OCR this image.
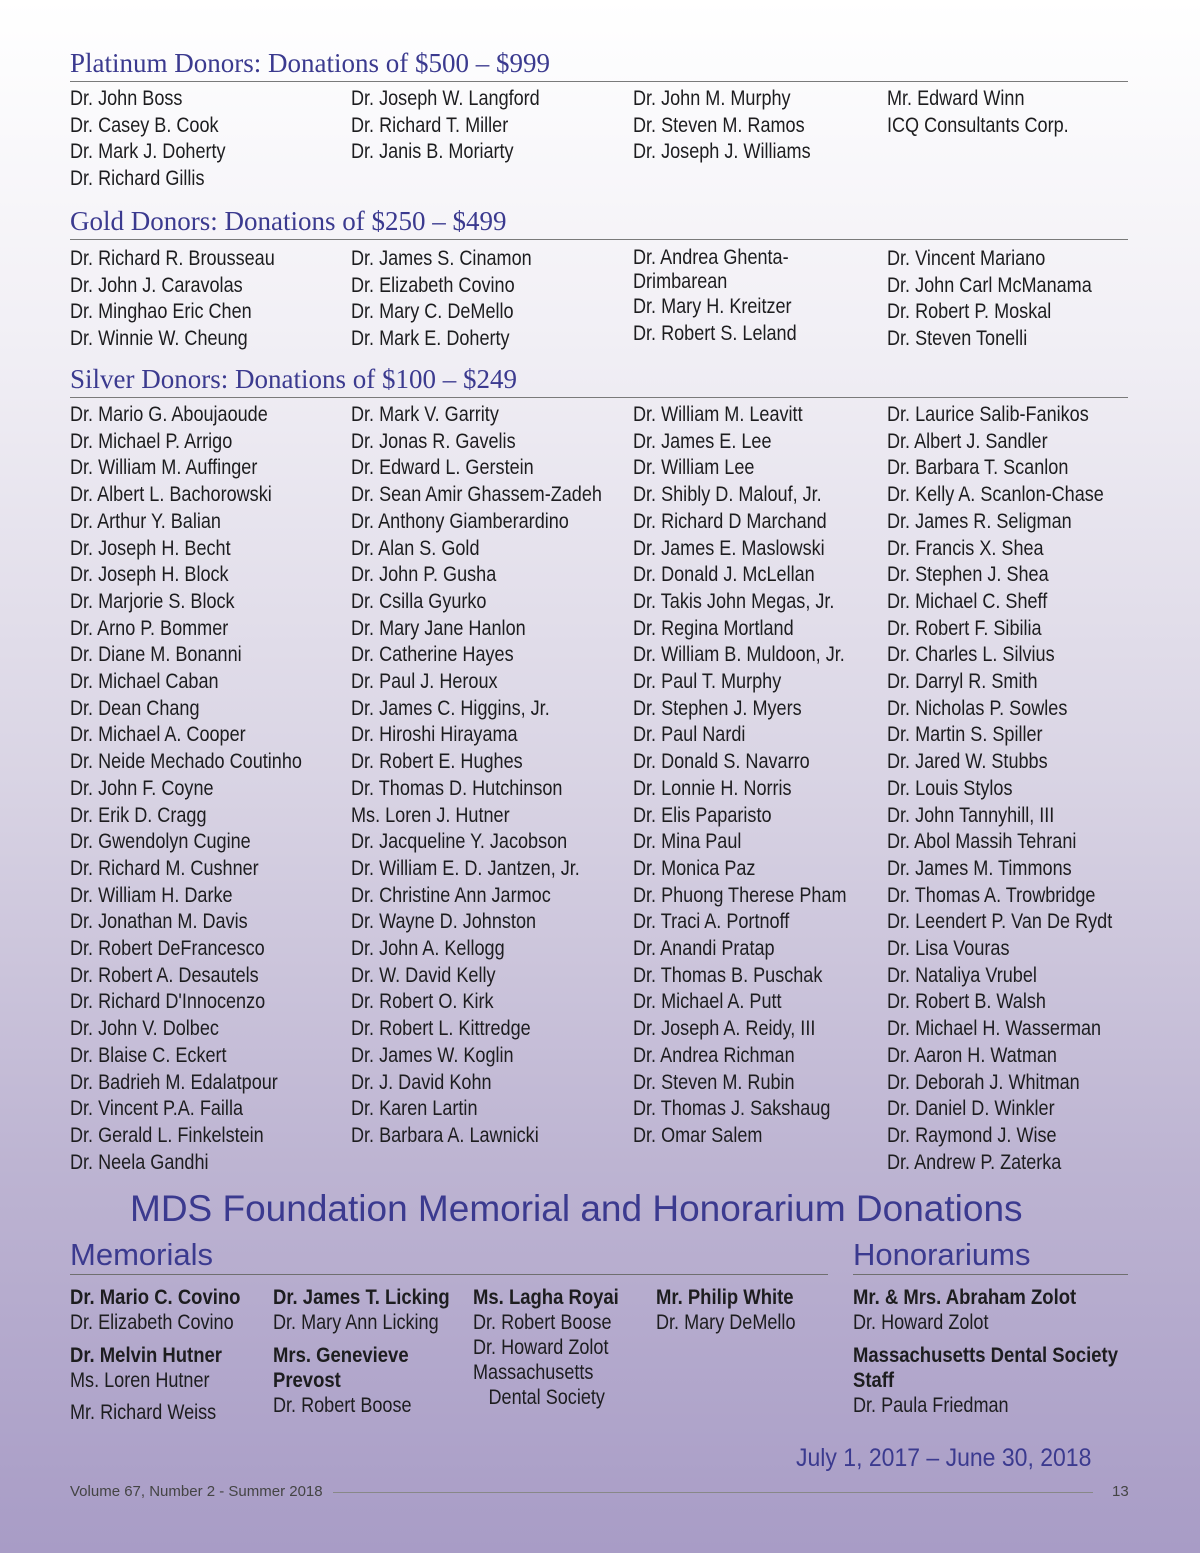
Platinum Donors: Donations of $500 – $999
Dr. John Boss
Dr. Casey B. Cook
Dr. Mark J. Doherty
Dr. Richard Gillis
Dr. Joseph W. Langford
Dr. Richard T. Miller
Dr. Janis B. Moriarty
Dr. John M. Murphy
Dr. Steven M. Ramos
Dr. Joseph J. Williams
Mr. Edward Winn
ICQ Consultants Corp.
Gold Donors: Donations of $250 – $499
Dr. Richard R. Brousseau
Dr. John J. Caravolas
Dr. Minghao Eric Chen
Dr. Winnie W. Cheung
Dr. James S. Cinamon
Dr. Elizabeth Covino
Dr. Mary C. DeMello
Dr. Mark E. Doherty
Dr. Andrea Ghenta-Drimbarean
Dr. Mary H. Kreitzer
Dr. Robert S. Leland
Dr. Vincent Mariano
Dr. John Carl McManama
Dr. Robert P. Moskal
Dr. Steven Tonelli
Silver Donors: Donations of $100 – $249
Dr. Mario G. Aboujaoude
Dr. Michael P. Arrigo
Dr. William M. Auffinger
Dr. Albert L. Bachorowski
Dr. Arthur Y. Balian
Dr. Joseph H. Becht
Dr. Joseph H. Block
Dr. Marjorie S. Block
Dr. Arno P. Bommer
Dr. Diane M. Bonanni
Dr. Michael Caban
Dr. Dean Chang
Dr. Michael A. Cooper
Dr. Neide Mechado Coutinho
Dr. John F. Coyne
Dr. Erik D. Cragg
Dr. Gwendolyn Cugine
Dr. Richard M. Cushner
Dr. William H. Darke
Dr. Jonathan M. Davis
Dr. Robert DeFrancesco
Dr. Robert A. Desautels
Dr. Richard D'Innocenzo
Dr. John V. Dolbec
Dr. Blaise C. Eckert
Dr. Badrieh M. Edalatpour
Dr. Vincent P.A. Failla
Dr. Gerald L. Finkelstein
Dr. Neela Gandhi
Dr. Mark V. Garrity
Dr. Jonas R. Gavelis
Dr. Edward L. Gerstein
Dr. Sean Amir Ghassem-Zadeh
Dr. Anthony Giamberardino
Dr. Alan S. Gold
Dr. John P. Gusha
Dr. Csilla Gyurko
Dr. Mary Jane Hanlon
Dr. Catherine Hayes
Dr. Paul J. Heroux
Dr. James C. Higgins, Jr.
Dr. Hiroshi Hirayama
Dr. Robert E. Hughes
Dr. Thomas D. Hutchinson
Ms. Loren J. Hutner
Dr. Jacqueline Y. Jacobson
Dr. William E. D. Jantzen, Jr.
Dr. Christine Ann Jarmoc
Dr. Wayne D. Johnston
Dr. John A. Kellogg
Dr. W. David Kelly
Dr. Robert O. Kirk
Dr. Robert L. Kittredge
Dr. James W. Koglin
Dr. J. David Kohn
Dr. Karen Lartin
Dr. Barbara A. Lawnicki
Dr. William M. Leavitt
Dr. James E. Lee
Dr. William Lee
Dr. Shibly D. Malouf, Jr.
Dr. Richard D Marchand
Dr. James E. Maslowski
Dr. Donald J. McLellan
Dr. Takis John Megas, Jr.
Dr. Regina Mortland
Dr. William B. Muldoon, Jr.
Dr. Paul T. Murphy
Dr. Stephen J. Myers
Dr. Paul Nardi
Dr. Donald S. Navarro
Dr. Lonnie H. Norris
Dr. Elis Paparisto
Dr. Mina Paul
Dr. Monica Paz
Dr. Phuong Therese Pham
Dr. Traci A. Portnoff
Dr. Anandi Pratap
Dr. Thomas B. Puschak
Dr. Michael A. Putt
Dr. Joseph A. Reidy, III
Dr. Andrea Richman
Dr. Steven M. Rubin
Dr. Thomas J. Sakshaug
Dr. Omar Salem
Dr. Laurice Salib-Fanikos
Dr. Albert J. Sandler
Dr. Barbara T. Scanlon
Dr. Kelly A. Scanlon-Chase
Dr. James R. Seligman
Dr. Francis X. Shea
Dr. Stephen J. Shea
Dr. Michael C. Sheff
Dr. Robert F. Sibilia
Dr. Charles L. Silvius
Dr. Darryl R. Smith
Dr. Nicholas P. Sowles
Dr. Martin S. Spiller
Dr. Jared W. Stubbs
Dr. Louis Stylos
Dr. John Tannyhill, III
Dr. Abol Massih Tehrani
Dr. James M. Timmons
Dr. Thomas A. Trowbridge
Dr. Leendert P. Van De Rydt
Dr. Lisa Vouras
Dr. Nataliya Vrubel
Dr. Robert B. Walsh
Dr. Michael H. Wasserman
Dr. Aaron H. Watman
Dr. Deborah J. Whitman
Dr. Daniel D. Winkler
Dr. Raymond J. Wise
Dr. Andrew P. Zaterka
MDS Foundation Memorial and Honorarium Donations
Memorials	Honorariums
Dr. Mario C. Covino
Dr. Elizabeth Covino
Dr. Melvin Hutner
Ms. Loren Hutner
Mr. Richard Weiss
Dr. James T. Licking
Dr. Mary Ann Licking
Mrs. Genevieve
Prevost
Dr. Robert Boose
Ms. Lagha Royai
Dr. Robert Boose
Dr. Howard Zolot
Massachusetts
Dental Society
Mr. Philip White
Dr. Mary DeMello
Mr. & Mrs. Abraham Zolot
Dr. Howard Zolot
Massachusetts Dental Society
Staff
Dr. Paula Friedman
July 1, 2017 – June 30, 2018
Volume 67, Number 2 - Summer 2018	13
